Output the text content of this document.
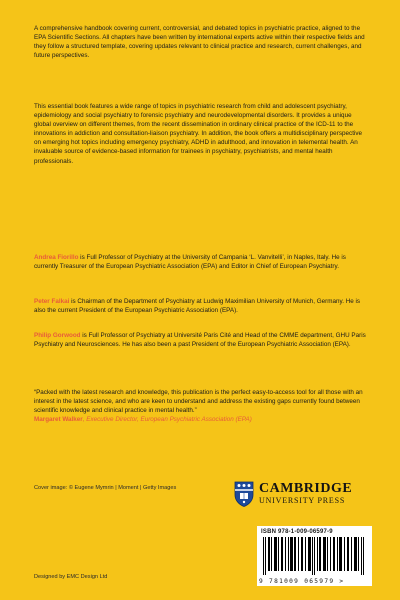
A comprehensive handbook covering current, controversial, and debated topics in psychiatric practice, aligned to the EPA Scientific Sections. All chapters have been written by international experts active within their respective fields and they follow a structured template, covering updates relevant to clinical practice and research, current challenges, and future perspectives.

This essential book features a wide range of topics in psychiatric research from child and adolescent psychiatry, epidemiology and social psychiatry to forensic psychiatry and neurodevelopmental disorders. It provides a unique global overview on different themes, from the recent dissemination in ordinary clinical practice of the ICD-11 to the innovations in addiction and consultation-liaison psychiatry. In addition, the book offers a multidisciplinary perspective on emerging hot topics including emergency psychiatry, ADHD in adulthood, and innovation in telemental health. An invaluable source of evidence-based information for trainees in psychiatry, psychiatrists, and mental health professionals.

Andrea Fiorillo is Full Professor of Psychiatry at the University of Campania ‘L. Vanvitelli’, in Naples, Italy. He is currently Treasurer of the European Psychiatric Association (EPA) and Editor in Chief of European Psychiatry.
Peter Falkai is Chairman of the Department of Psychiatry at Ludwig Maximilian University of Munich, Germany. He is also the current President of the European Psychiatric Association (EPA).
Philip Gorwood is Full Professor of Psychiatry at Université Paris Cité and Head of the CMME department, GHU Paris Psychiatry and Neurosciences. He has also been a past President of the European Psychiatric Association (EPA).
“Packed with the latest research and knowledge, this publication is the perfect easy-to-access tool for all those with an interest in the latest science, and who are keen to understand and address the existing gaps currently found between scientific knowledge and clinical practice in mental health.”
Margaret Walker, Executive Director, European Psychiatric Association (EPA)
Cover image: © Eugene Mymrin | Moment | Getty Images	CAMBRIDGE
UNIVERSITY PRESS
ISBN 978-1-009-06597-9
9 781009 065979 >
Designed by EMC Design Ltd
